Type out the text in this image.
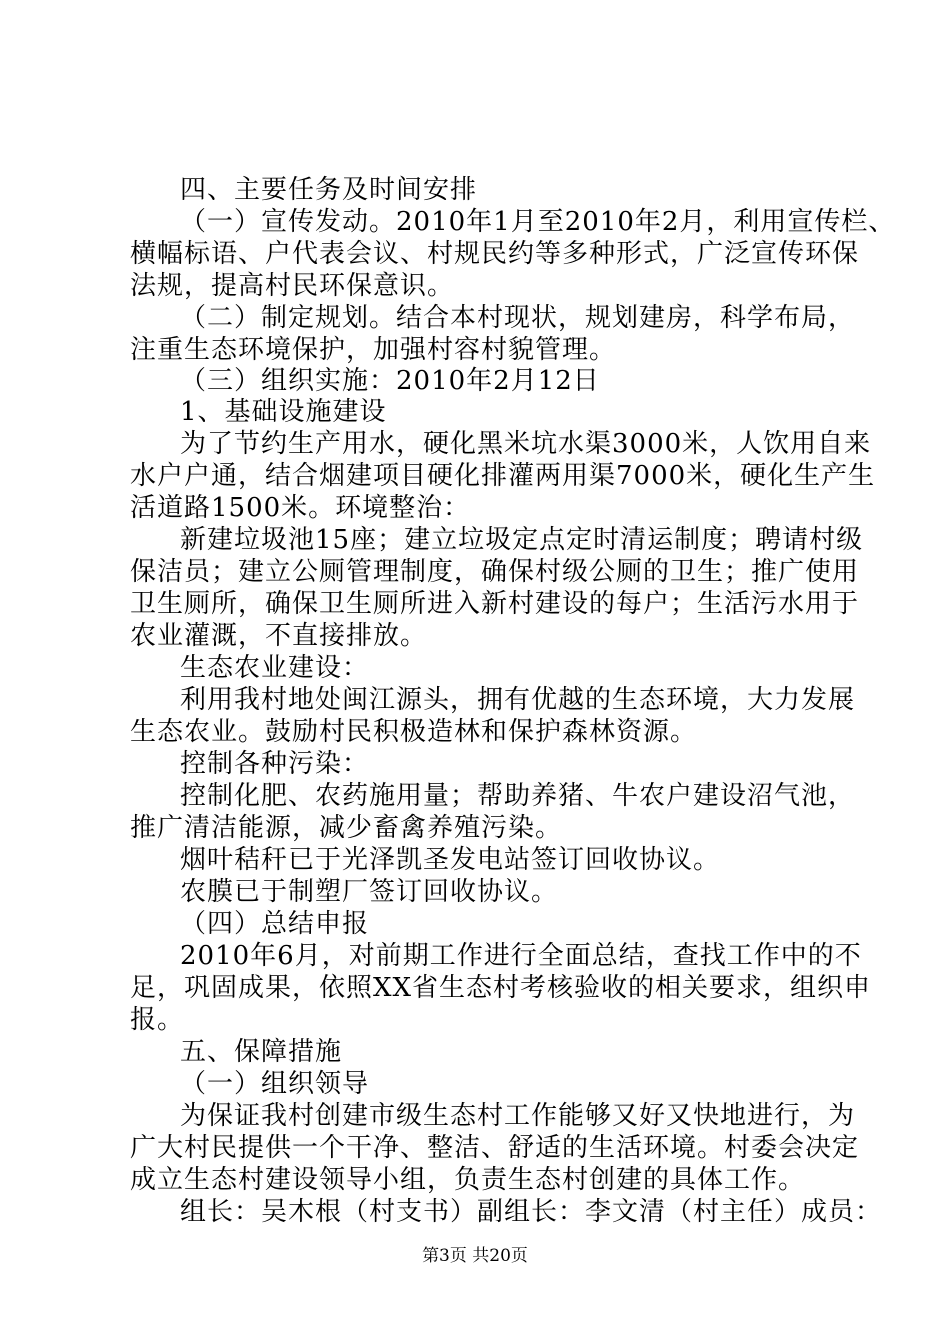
四、主要任务及时间安排
（一）宣传发动。2010年1月至2010年2月，利用宣传栏、
横幅标语、户代表会议、村规民约等多种形式，广泛宣传环保
法规，提高村民环保意识。
（二）制定规划。结合本村现状，规划建房，科学布局，
注重生态环境保护，加强村容村貌管理。
（三）组织实施：2010年2月12日
1、基础设施建设
为了节约生产用水，硬化黑米坑水渠3000米，人饮用自来
水户户通，结合烟建项目硬化排灌两用渠7000米，硬化生产生
活道路1500米。环境整治：
新建垃圾池15座；建立垃圾定点定时清运制度；聘请村级
保洁员；建立公厕管理制度，确保村级公厕的卫生；推广使用
卫生厕所，确保卫生厕所进入新村建设的每户；生活污水用于
农业灌溉，不直接排放。
生态农业建设：
利用我村地处闽江源头，拥有优越的生态环境，大力发展
生态农业。鼓励村民积极造林和保护森林资源。
控制各种污染：
控制化肥、农药施用量；帮助养猪、牛农户建设沼气池，
推广清洁能源，减少畜禽养殖污染。
烟叶秸秆已于光泽凯圣发电站签订回收协议。
农膜已于制塑厂签订回收协议。
（四）总结申报
2010年6月，对前期工作进行全面总结，查找工作中的不
足，巩固成果，依照XX省生态村考核验收的相关要求，组织申
报。
五、保障措施
（一）组织领导
为保证我村创建市级生态村工作能够又好又快地进行，为
广大村民提供一个干净、整洁、舒适的生活环境。村委会决定
成立生态村建设领导小组，负责生态村创建的具体工作。
组长：吴木根（村支书）副组长：李文清（村主任）成员：
第3页 共20页
